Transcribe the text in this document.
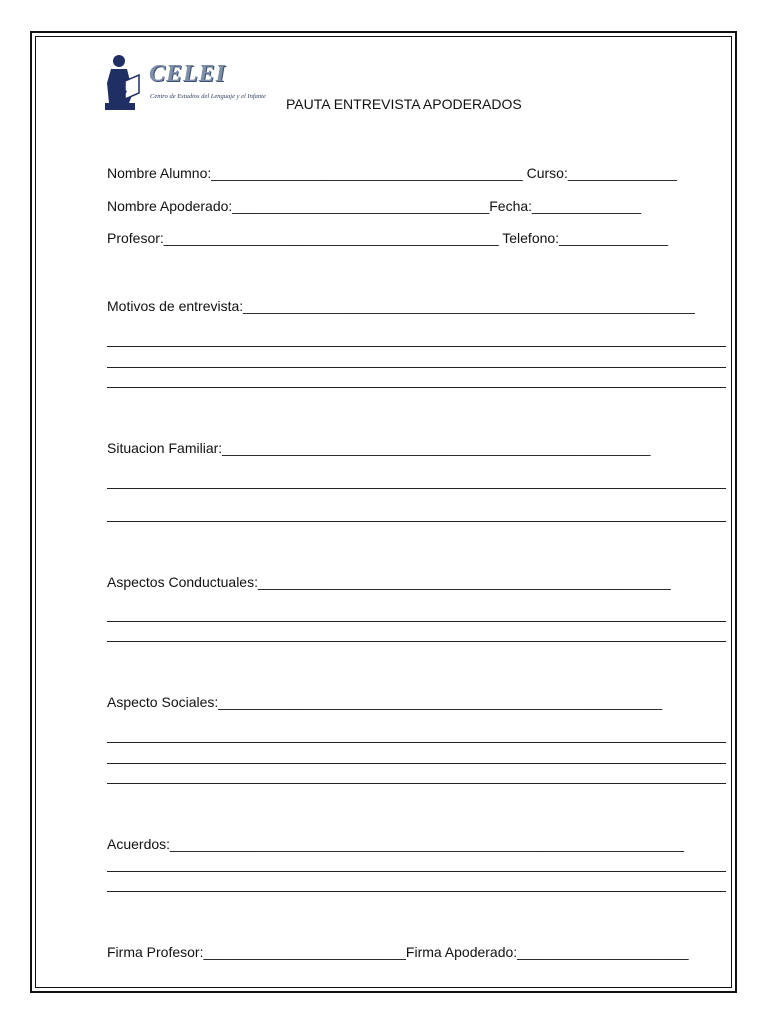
CELEI
Centro de Estudios del Lenguaje y el Infante PAUTA ENTREVISTA APODERADOS
Nombre Alumno:________________________________________ Curso:______________
Nombre Apoderado:_________________________________Fecha:______________
Profesor:___________________________________________ Telefono:______________
Motivos de entrevista:__________________________________________________________
Situacion Familiar:_______________________________________________________
Aspectos Conductuales:_____________________________________________________
Aspecto Sociales:_________________________________________________________
Acuerdos:__________________________________________________________________
Firma Profesor:__________________________Firma Apoderado:______________________
